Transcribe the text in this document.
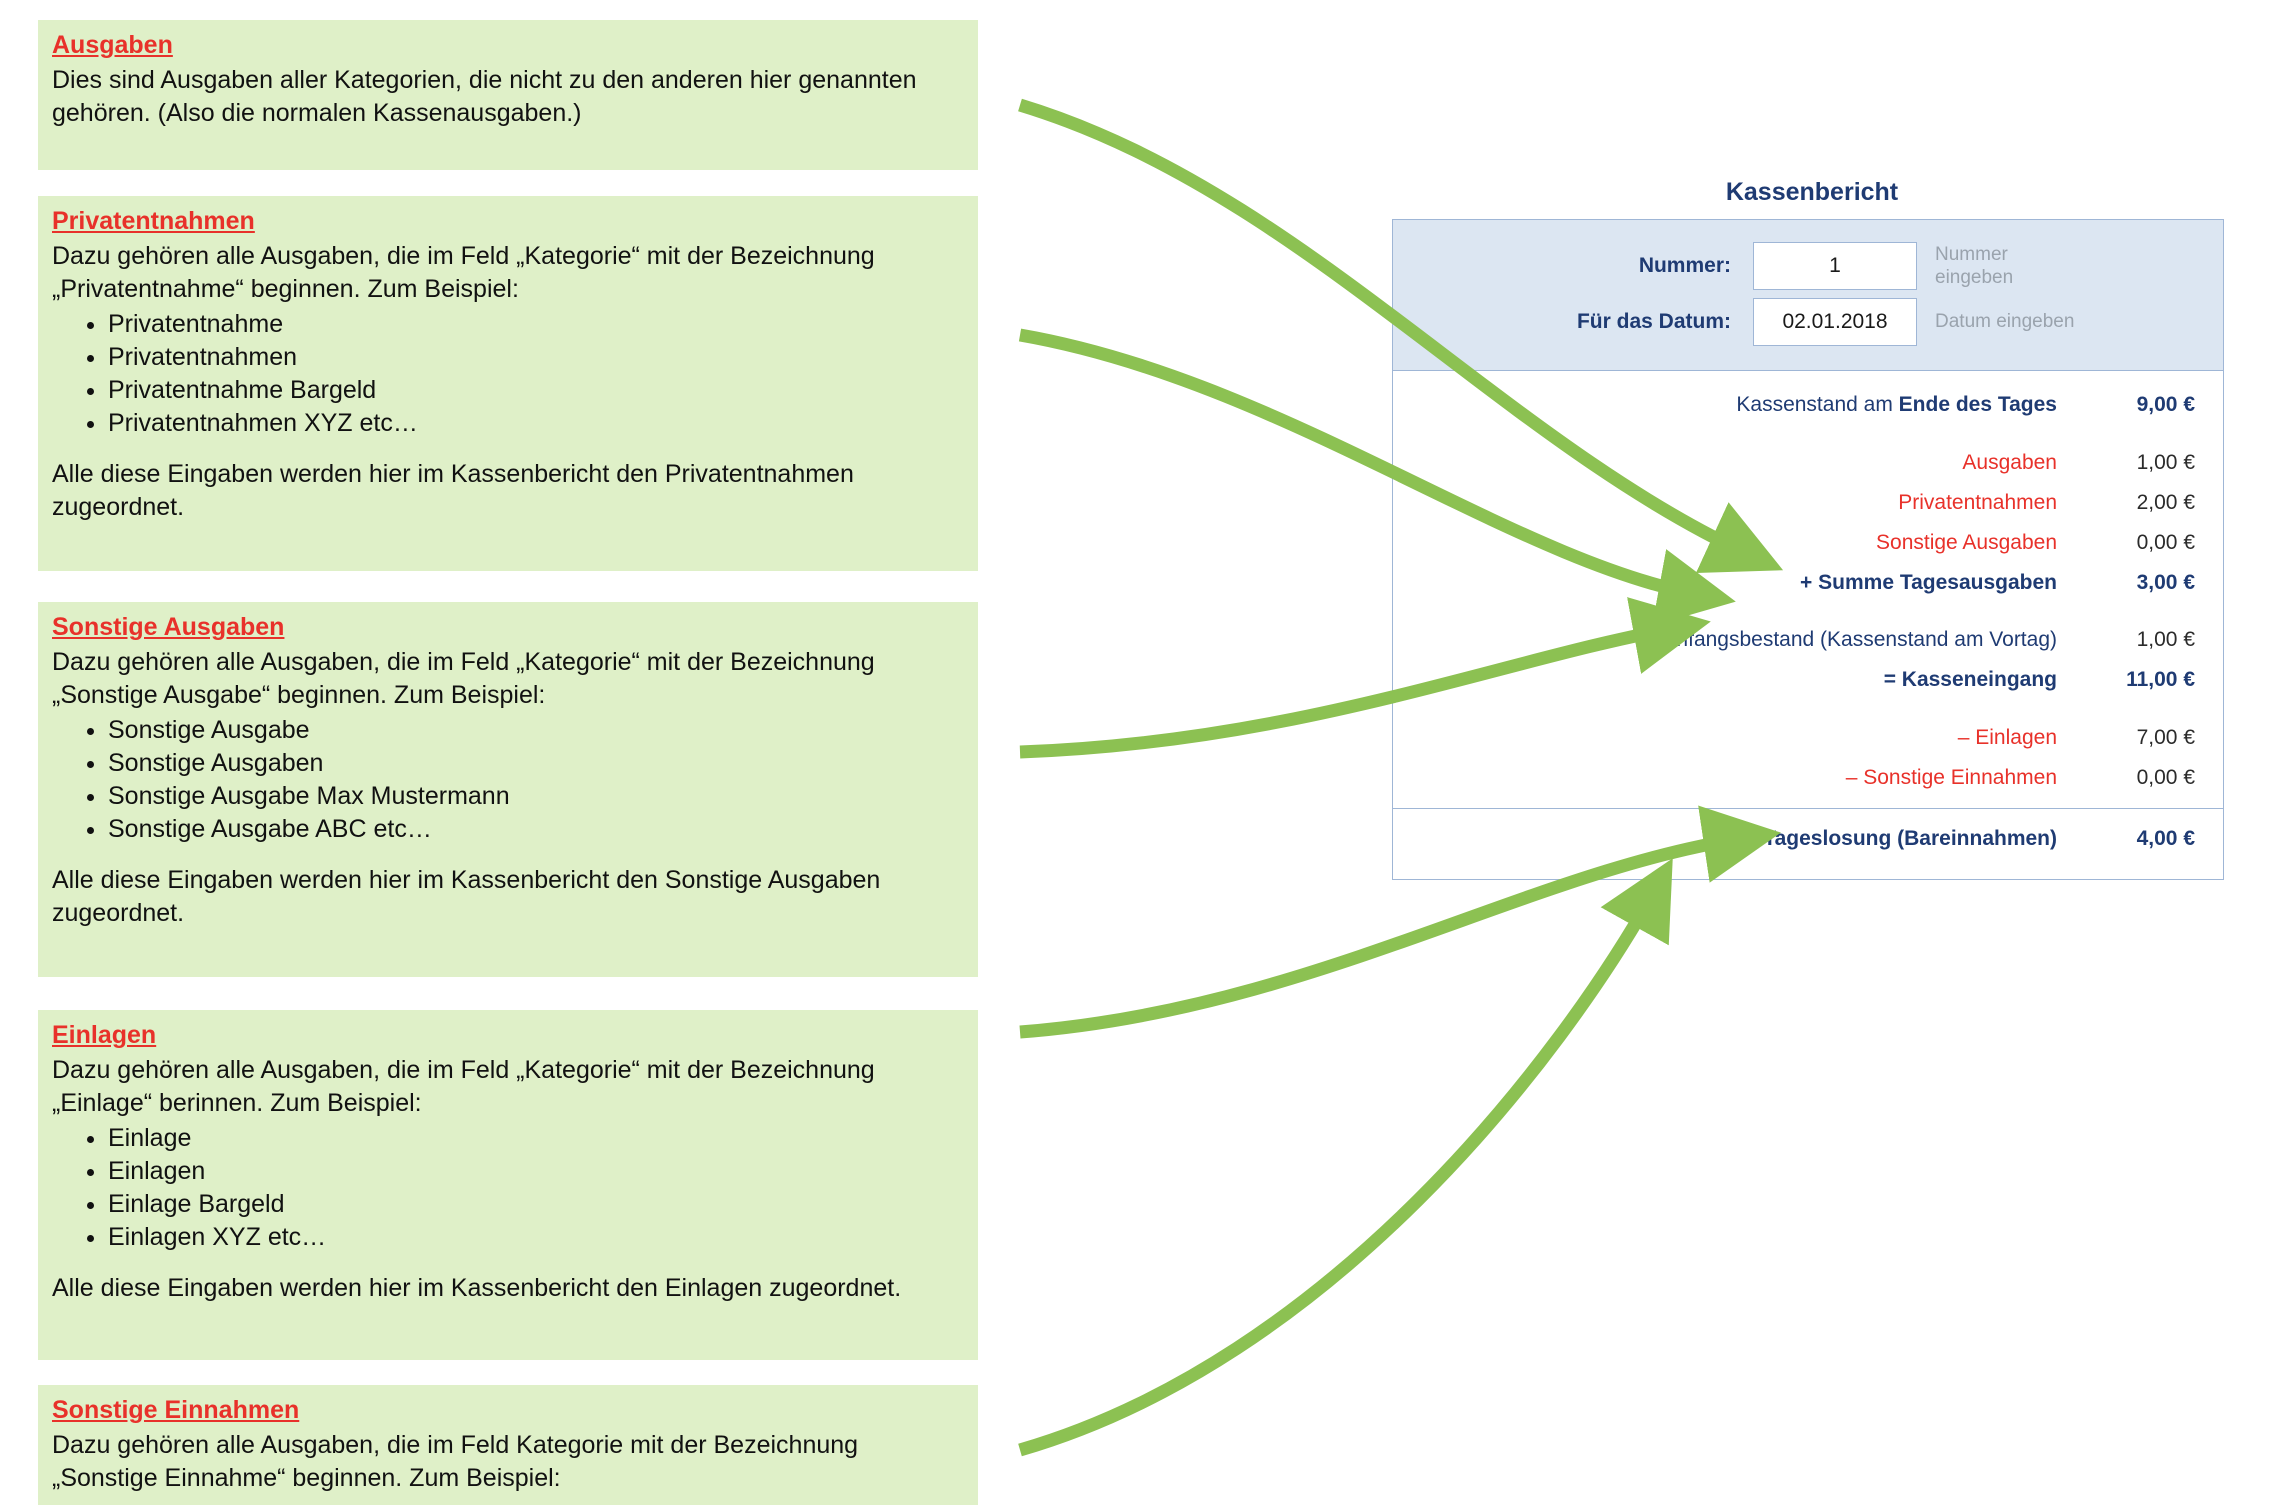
Ausgaben

Dies sind Ausgaben aller Kategorien, die nicht zu den anderen hier genannten gehören. (Also die normalen Kassenausgaben.)

Privatentnahmen

Dazu gehören alle Ausgaben, die im Feld „Kategorie“ mit der Bezeichnung „Privatentnahme“ beginnen. Zum Beispiel:

• Privatentnahme
• Privatentnahmen
• Privatentnahme Bargeld
• Privatentnahmen XYZ etc…

Alle diese Eingaben werden hier im Kassenbericht den Privatentnahmen zugeordnet.

Sonstige Ausgaben

Dazu gehören alle Ausgaben, die im Feld „Kategorie“ mit der Bezeichnung „Sonstige Ausgabe“ beginnen. Zum Beispiel:

• Sonstige Ausgabe
• Sonstige Ausgaben
• Sonstige Ausgabe Max Mustermann
• Sonstige Ausgabe ABC etc…

Alle diese Eingaben werden hier im Kassenbericht den Sonstige Ausgaben zugeordnet.

Einlagen

Dazu gehören alle Ausgaben, die im Feld „Kategorie“ mit der Bezeichnung „Einlage“ berinnen. Zum Beispiel:

• Einlage
• Einlagen
• Einlage Bargeld
• Einlagen XYZ etc…

Alle diese Eingaben werden hier im Kassenbericht den Einlagen zugeordnet.

Sonstige Einnahmen

Dazu gehören alle Ausgaben, die im Feld Kategorie mit der Bezeichnung „Sonstige Einnahme“ beginnen. Zum Beispiel:

Kassenbericht
Nummer:	1	Nummer eingeben
Für das Datum:	02.01.2018	Datum eingeben
Kassenstand am Ende des Tages	9,00 €
Ausgaben	1,00 €
Privatentnahmen	2,00 €
Sonstige Ausgaben	0,00 €
+ Summe Tagesausgaben	3,00 €
– Anfangsbestand (Kassenstand am Vortag)	1,00 €
= Kasseneingang	11,00 €
– Einlagen	7,00 €
– Sonstige Einnahmen	0,00 €
= Tageslosung (Bareinnahmen)	4,00 €
